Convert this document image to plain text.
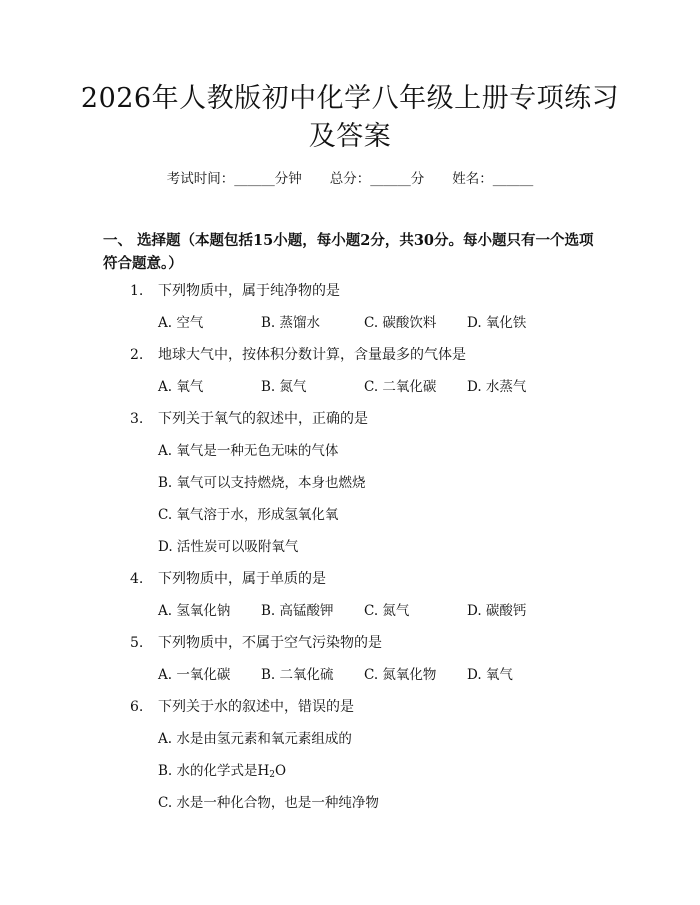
2026年人教版初中化学八年级上册专项练习
及答案
考试时间：______分钟 总分：______分 姓名：______
一、 选择题（本题包括15小题，每小题2分，共30分。每小题只有一个选项符合题意。）
1. 下列物质中，属于纯净物的是
A. 空气	B. 蒸馏水	C. 碳酸饮料 D. 氧化铁
2. 地球大气中，按体积分数计算，含量最多的气体是
A. 氧气	B. 氮气	C. 二氧化碳 D. 水蒸气
3. 下列关于氧气的叙述中，正确的是
A. 氧气是一种无色无味的气体
B. 氧气可以支持燃烧，本身也燃烧
C. 氧气溶于水，形成氢氧化氧
D. 活性炭可以吸附氧气
4. 下列物质中，属于单质的是
A. 氢氧化钠 B. 高锰酸钾 C. 氮气	D. 碳酸钙
5. 下列物质中，不属于空气污染物的是
A. 一氧化碳 B. 二氧化硫 C. 氮氧化物 D. 氧气
6. 下列关于水的叙述中，错误的是
A. 水是由氢元素和氧元素组成的
B. 水的化学式是$H_2O$
C. 水是一种化合物，也是一种纯净物
